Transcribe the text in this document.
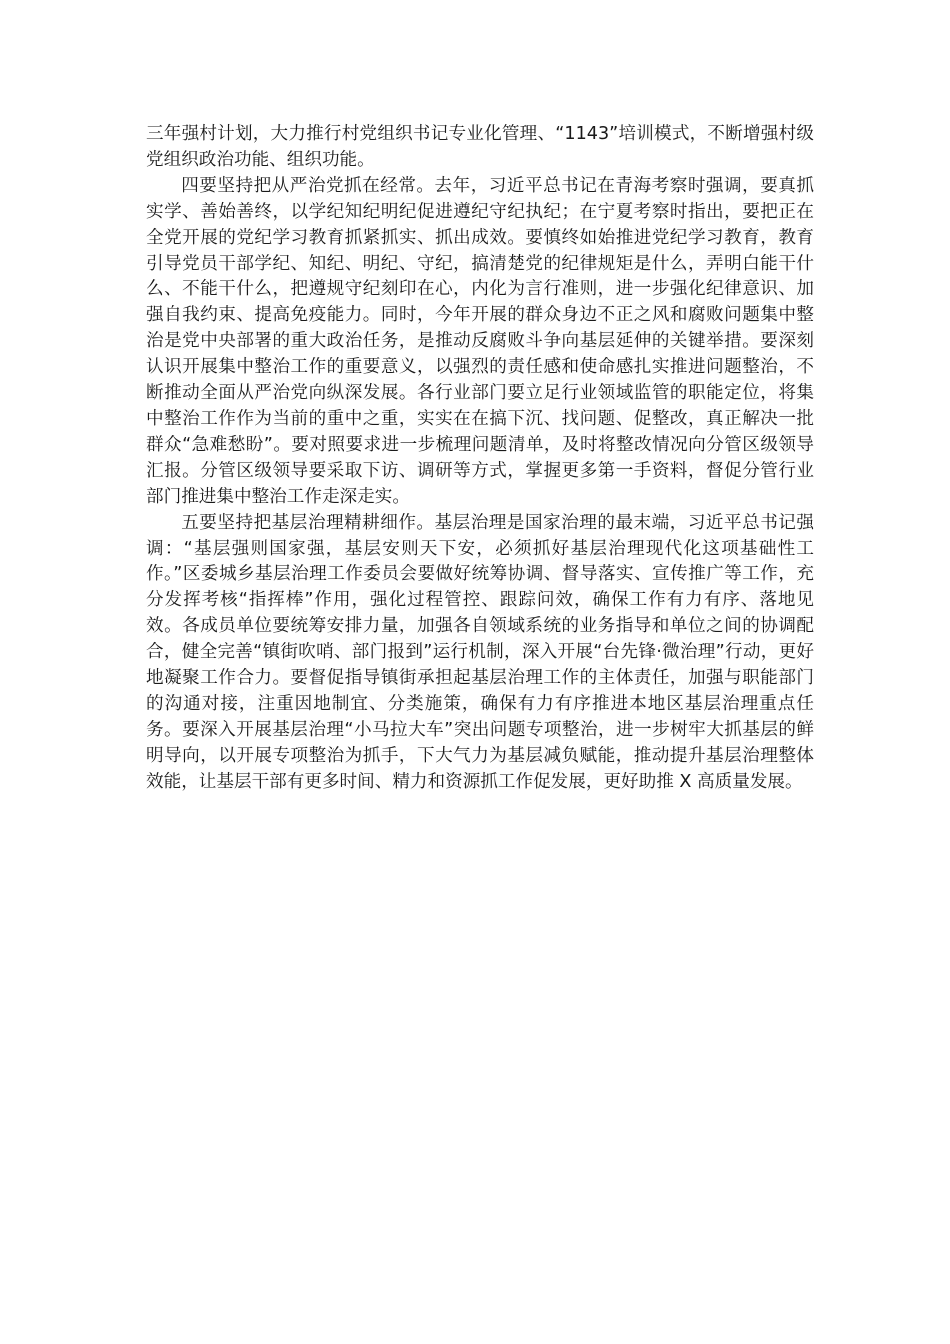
三年强村计划，大力推行村党组织书记专业化管理、“1143”培训模式，不断增强村级党组织政治功能、组织功能。

四要坚持把从严治党抓在经常。去年，习近平总书记在青海考察时强调，要真抓实学、善始善终，以学纪知纪明纪促进遵纪守纪执纪；在宁夏考察时指出，要把正在全党开展的党纪学习教育抓紧抓实、抓出成效。要慎终如始推进党纪学习教育，教育引导党员干部学纪、知纪、明纪、守纪，搞清楚党的纪律规矩是什么，弄明白能干什么、不能干什么，把遵规守纪刻印在心，内化为言行准则，进一步强化纪律意识、加强自我约束、提高免疫能力。同时，今年开展的群众身边不正之风和腐败问题集中整治是党中央部署的重大政治任务，是推动反腐败斗争向基层延伸的关键举措。要深刻认识开展集中整治工作的重要意义，以强烈的责任感和使命感扎实推进问题整治，不断推动全面从严治党向纵深发展。各行业部门要立足行业领域监管的职能定位，将集中整治工作作为当前的重中之重，实实在在搞下沉、找问题、促整改，真正解决一批群众“急难愁盼”。要对照要求进一步梳理问题清单，及时将整改情况向分管区级领导汇报。分管区级领导要采取下访、调研等方式，掌握更多第一手资料，督促分管行业部门推进集中整治工作走深走实。

五要坚持把基层治理精耕细作。基层治理是国家治理的最末端，习近平总书记强调：“基层强则国家强，基层安则天下安，必须抓好基层治理现代化这项基础性工作。”区委城乡基层治理工作委员会要做好统筹协调、督导落实、宣传推广等工作，充分发挥考核“指挥棒”作用，强化过程管控、跟踪问效，确保工作有力有序、落地见效。各成员单位要统筹安排力量，加强各自领域系统的业务指导和单位之间的协调配合，健全完善“镇街吹哨、部门报到”运行机制，深入开展“台先锋·微治理”行动，更好地凝聚工作合力。要督促指导镇街承担起基层治理工作的主体责任，加强与职能部门的沟通对接，注重因地制宜、分类施策，确保有力有序推进本地区基层治理重点任务。要深入开展基层治理“小马拉大车”突出问题专项整治，进一步树牢大抓基层的鲜明导向，以开展专项整治为抓手，下大气力为基层减负赋能，推动提升基层治理整体效能，让基层干部有更多时间、精力和资源抓工作促发展，更好助推 X 高质量发展。
